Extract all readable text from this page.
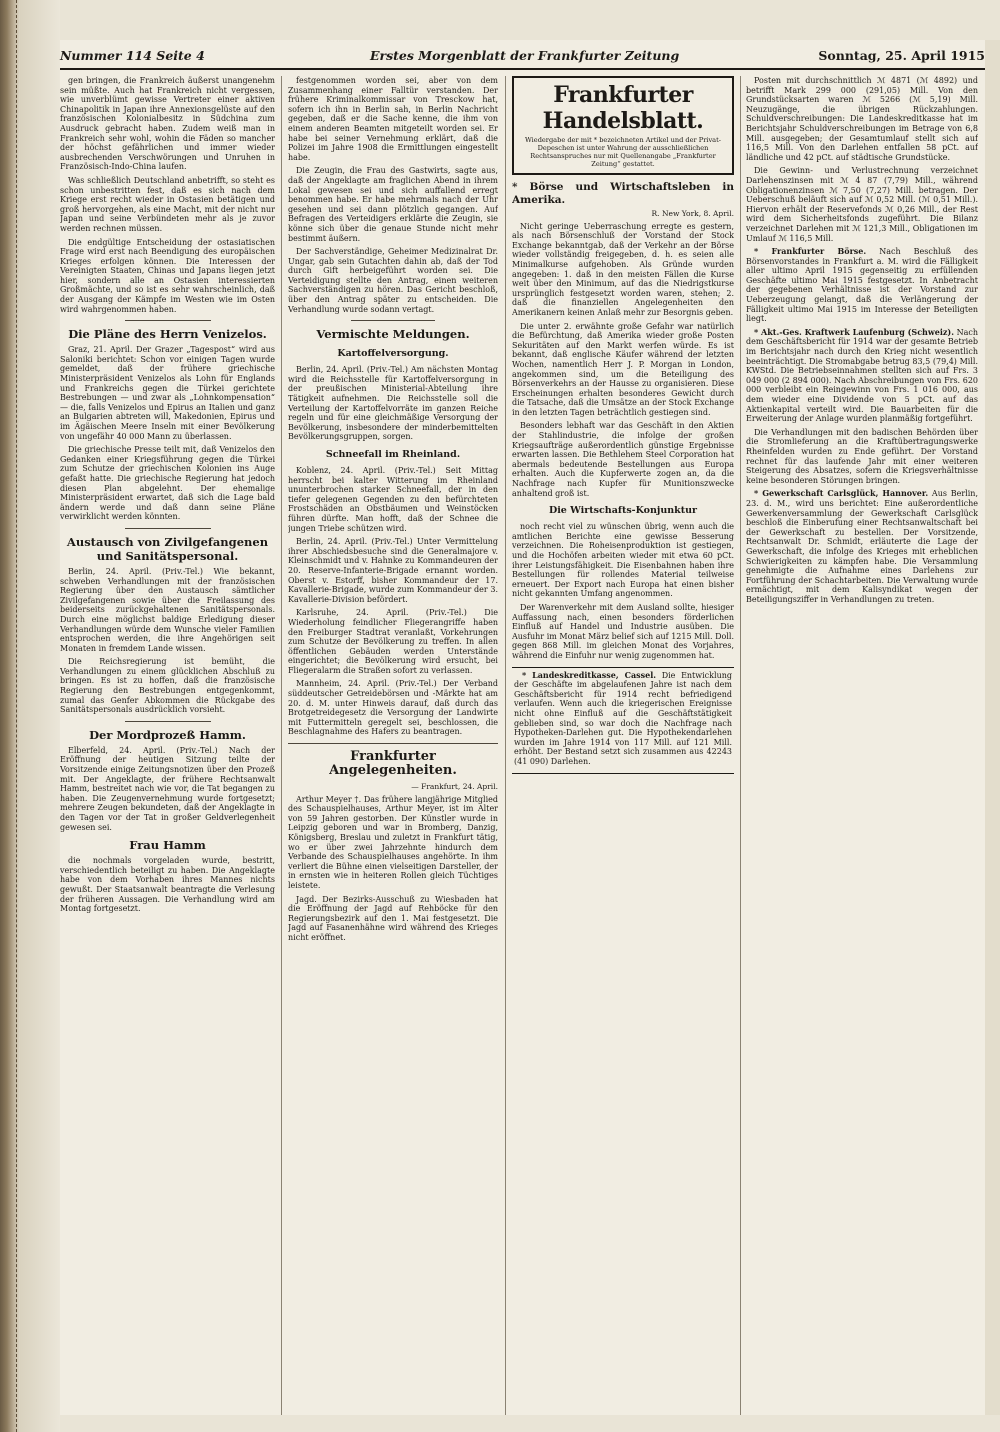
Nummer 114 Seite 4	Erstes Morgenblatt der Frankfurter Zeitung	Sonntag, 25. April 1915

gen bringen, die Frankreich äußerst unangenehm sein müßte. Auch hat Frankreich nicht vergessen, wie unverblümt gewisse Vertreter einer aktiven Chinapolitik in Japan ihre Annexionsgelüste auf den französischen Kolonialbesitz in Südchina zum Ausdruck gebracht haben. Zudem weiß man in Frankreich sehr wohl, wohin die Fäden so mancher der höchst gefährlichen und immer wieder ausbrechenden Verschwörungen und Unruhen in Französisch-Indo-China laufen.

Was schließlich Deutschland anbetrifft, so steht es schon unbestritten fest, daß es sich nach dem Kriege erst recht wieder in Ostasien betätigen und groß hervorgehen, als eine Macht, mit der nicht nur Japan und seine Verbündeten mehr als je zuvor werden rechnen müssen.

Die endgültige Entscheidung der ostasiatischen Frage wird erst nach Beendigung des europäischen Krieges erfolgen können. Die Interessen der Vereinigten Staaten, Chinas und Japans liegen jetzt hier, sondern alle an Ostasien interessierten Großmächte, und so ist es sehr wahrscheinlich, daß der Ausgang der Kämpfe im Westen wie im Osten wird wahrgenommen haben.

Die Pläne des Herrn Venizelos.

Graz, 21. April. Der Grazer „Tagespost“ wird aus Saloniki berichtet: Schon vor einigen Tagen wurde gemeldet, daß der frühere griechische Ministerpräsident Venizelos als Lohn für Englands und Frankreichs gegen die Türkei gerichtete Bestrebungen — und zwar als „Lohnkompensation“ — die, falls Venizelos und Epirus an Italien und ganz an Bulgarien abtreten will, Makedonien, Epirus und im Ägäischen Meere Inseln mit einer Bevölkerung von ungefähr 40 000 Mann zu überlassen.

Die griechische Presse teilt mit, daß Venizelos den Gedanken einer Kriegsführung gegen die Türkei zum Schutze der griechischen Kolonien ins Auge gefaßt hatte. Die griechische Regierung hat jedoch diesen Plan abgelehnt. Der ehemalige Ministerpräsident erwartet, daß sich die Lage bald ändern werde und daß dann seine Pläne verwirklicht werden könnten.

Austausch von Zivilgefangenen und Sanitätspersonal.

Berlin, 24. April. (Priv.-Tel.) Wie bekannt, schweben Verhandlungen mit der französischen Regierung über den Austausch sämtlicher Zivilgefangenen sowie über die Freilassung des beiderseits zurückgehaltenen Sanitätspersonals. Durch eine möglichst baldige Erledigung dieser Verhandlungen würde dem Wunsche vieler Familien entsprochen werden, die ihre Angehörigen seit Monaten in fremdem Lande wissen.

Die Reichsregierung ist bemüht, die Verhandlungen zu einem glücklichen Abschluß zu bringen. Es ist zu hoffen, daß die französische Regierung den Bestrebungen entgegenkommt, zumal das Genfer Abkommen die Rückgabe des Sanitätspersonals ausdrücklich vorsieht.

Der Mordprozeß Hamm.

Elberfeld, 24. April. (Priv.-Tel.) Nach der Eröffnung der heutigen Sitzung teilte der Vorsitzende einige Zeitungsnotizen über den Prozeß mit. Der Angeklagte, der frühere Rechtsanwalt Hamm, bestreitet nach wie vor, die Tat begangen zu haben. Die Zeugenvernehmung wurde fortgesetzt; mehrere Zeugen bekundeten, daß der Angeklagte in den Tagen vor der Tat in großer Geldverlegenheit gewesen sei.

Frau Hamm

die nochmals vorgeladen wurde, bestritt, verschiedentlich beteiligt zu haben. Die Angeklagte habe von dem Vorhaben ihres Mannes nichts gewußt. Der Staatsanwalt beantragte die Verlesung der früheren Aussagen. Die Verhandlung wird am Montag fortgesetzt.

festgenommen worden sei, aber von dem Zusammenhang einer Falltür verstanden. Der frühere Kriminalkommissar von Tresckow hat, sofern ich ihn in Berlin sah, in Berlin Nachricht gegeben, daß er die Sache kenne, die ihm von einem anderen Beamten mitgeteilt worden sei. Er habe bei seiner Vernehmung erklärt, daß die Polizei im Jahre 1908 die Ermittlungen eingestellt habe.

Die Zeugin, die Frau des Gastwirts, sagte aus, daß der Angeklagte am fraglichen Abend in ihrem Lokal gewesen sei und sich auffallend erregt benommen habe. Er habe mehrmals nach der Uhr gesehen und sei dann plötzlich gegangen. Auf Befragen des Verteidigers erklärte die Zeugin, sie könne sich über die genaue Stunde nicht mehr bestimmt äußern.

Der Sachverständige, Geheimer Medizinalrat Dr. Ungar, gab sein Gutachten dahin ab, daß der Tod durch Gift herbeigeführt worden sei. Die Verteidigung stellte den Antrag, einen weiteren Sachverständigen zu hören. Das Gericht beschloß, über den Antrag später zu entscheiden. Die Verhandlung wurde sodann vertagt.

Vermischte Meldungen.
Kartoffelversorgung.

Berlin, 24. April. (Priv.-Tel.) Am nächsten Montag wird die Reichsstelle für Kartoffelversorgung in der preußischen Ministerial-Abteilung ihre Tätigkeit aufnehmen. Die Reichsstelle soll die Verteilung der Kartoffelvorräte im ganzen Reiche regeln und für eine gleichmäßige Versorgung der Bevölkerung, insbesondere der minderbemittelten Bevölkerungsgruppen, sorgen.

Schneefall im Rheinland.

Koblenz, 24. April. (Priv.-Tel.) Seit Mittag herrscht bei kalter Witterung im Rheinland ununterbrochen starker Schneefall, der in den tiefer gelegenen Gegenden zu den befürchteten Frostschäden an Obstbäumen und Weinstöcken führen dürfte. Man hofft, daß der Schnee die jungen Triebe schützen wird.

Berlin, 24. April. (Priv.-Tel.) Unter Vermittelung ihrer Abschiedsbesuche sind die Generalmajore v. Kleinschmidt und v. Hahnke zu Kommandeuren der 20. Reserve-Infanterie-Brigade ernannt worden. Oberst v. Estorff, bisher Kommandeur der 17. Kavallerie-Brigade, wurde zum Kommandeur der 3. Kavallerie-Division befördert.

Karlsruhe, 24. April. (Priv.-Tel.) Die Wiederholung feindlicher Fliegerangriffe haben den Freiburger Stadtrat veranlaßt, Vorkehrungen zum Schutze der Bevölkerung zu treffen. In allen öffentlichen Gebäuden werden Unterstände eingerichtet; die Bevölkerung wird ersucht, bei Fliegeralarm die Straßen sofort zu verlassen.

Mannheim, 24. April. (Priv.-Tel.) Der Verband süddeutscher Getreidebörsen und -Märkte hat am 20. d. M. unter Hinweis darauf, daß durch das Brotgetreidegesetz die Versorgung der Landwirte mit Futtermitteln geregelt sei, beschlossen, die Beschlagnahme des Hafers zu beantragen.

Frankfurter Angelegenheiten.
— Frankfurt, 24. April.

Arthur Meyer †. Das frühere langjährige Mitglied des Schauspielhauses, Arthur Meyer, ist im Alter von 59 Jahren gestorben. Der Künstler wurde in Leipzig geboren und war in Bromberg, Danzig, Königsberg, Breslau und zuletzt in Frankfurt tätig, wo er über zwei Jahrzehnte hindurch dem Verbande des Schauspielhauses angehörte. In ihm verliert die Bühne einen vielseitigen Darsteller, der in ernsten wie in heiteren Rollen gleich Tüchtiges leistete.

Jagd. Der Bezirks-Ausschuß zu Wiesbaden hat die Eröffnung der Jagd auf Rehböcke für den Regierungsbezirk auf den 1. Mai festgesetzt. Die Jagd auf Fasanenhähne wird während des Krieges nicht eröffnet.

Frankfurter Handelsblatt.
Wiedergabe der mit * bezeichneten Artikel und der Privat-Depeschen ist unter Wahrung der ausschließlichen Rechtsanspruches nur mit Quellenangabe „Frankfurter Zeitung“ gestattet.
* Börse und Wirtschaftsleben in Amerika.
R. New York, 8. April.

Nicht geringe Ueberraschung erregte es gestern, als nach Börsenschluß der Vorstand der Stock Exchange bekanntgab, daß der Verkehr an der Börse wieder vollständig freigegeben, d. h. es seien alle Minimalkurse aufgehoben. Als Gründe wurden angegeben: 1. daß in den meisten Fällen die Kurse weit über den Minimum, auf das die Niedrigstkurse ursprünglich festgesetzt worden waren, stehen; 2. daß die finanziellen Angelegenheiten den Amerikanern keinen Anlaß mehr zur Besorgnis geben.

Die unter 2. erwähnte große Gefahr war natürlich die Befürchtung, daß Amerika wieder große Posten Sekuritäten auf den Markt werfen würde. Es ist bekannt, daß englische Käufer während der letzten Wochen, namentlich Herr J. P. Morgan in London, angekommen sind, um die Beteiligung des Börsenverkehrs an der Hausse zu organisieren. Diese Erscheinungen erhalten besonderes Gewicht durch die Tatsache, daß die Umsätze an der Stock Exchange in den letzten Tagen beträchtlich gestiegen sind.

Besonders lebhaft war das Geschäft in den Aktien der Stahlindustrie, die infolge der großen Kriegsaufträge außerordentlich günstige Ergebnisse erwarten lassen. Die Bethlehem Steel Corporation hat abermals bedeutende Bestellungen aus Europa erhalten. Auch die Kupferwerte zogen an, da die Nachfrage nach Kupfer für Munitionszwecke anhaltend groß ist.

Die Wirtschafts-Konjunktur

noch recht viel zu wünschen übrig, wenn auch die amtlichen Berichte eine gewisse Besserung verzeichnen. Die Roheisenproduktion ist gestiegen, und die Hochöfen arbeiten wieder mit etwa 60 pCt. ihrer Leistungsfähigkeit. Die Eisenbahnen haben ihre Bestellungen für rollendes Material teilweise erneuert. Der Export nach Europa hat einen bisher nicht gekannten Umfang angenommen.

Der Warenverkehr mit dem Ausland sollte, hiesiger Auffassung nach, einen besonders förderlichen Einfluß auf Handel und Industrie ausüben. Die Ausfuhr im Monat März belief sich auf 1215 Mill. Doll. gegen 868 Mill. im gleichen Monat des Vorjahres, während die Einfuhr nur wenig zugenommen hat.

* Landeskreditkasse, Cassel. Die Entwicklung der Geschäfte im abgelaufenen Jahre ist nach dem Geschäftsbericht für 1914 recht befriedigend verlaufen. Wenn auch die kriegerischen Ereignisse nicht ohne Einfluß auf die Geschäftstätigkeit geblieben sind, so war doch die Nachfrage nach Hypotheken-Darlehen gut. Die Hypothekendarlehen wurden im Jahre 1914 von 117 Mill. auf 121 Mill. erhöht. Der Bestand setzt sich zusammen aus 42243 (41 090) Darlehen.

Posten mit durchschnittlich ℳ 4871 (ℳ 4892) und betrifft Mark 299 000 (291,05) Mill. Von den Grundstücksarten waren ℳ 5266 (ℳ 5,19) Mill. Neuzugänge, die übrigen Rückzahlungen. Schuldverschreibungen: Die Landeskreditkasse hat im Berichtsjahr Schuldverschreibungen im Betrage von 6,8 Mill. ausgegeben; der Gesamtumlauf stellt sich auf 116,5 Mill. Von den Darlehen entfallen 58 pCt. auf ländliche und 42 pCt. auf städtische Grundstücke.

Die Gewinn- und Verlustrechnung verzeichnet Darlehenszinsen mit ℳ 4 87 (7,79) Mill., während Obligationenzinsen ℳ 7,50 (7,27) Mill. betragen. Der Ueberschuß beläuft sich auf ℳ 0,52 Mill. (ℳ 0,51 Mill.). Hiervon erhält der Reservefonds ℳ 0,26 Mill., der Rest wird dem Sicherheitsfonds zugeführt. Die Bilanz verzeichnet Darlehen mit ℳ 121,3 Mill., Obligationen im Umlauf ℳ 116,5 Mill.

* Frankfurter Börse. Nach Beschluß des Börsenvorstandes in Frankfurt a. M. wird die Fälligkeit aller ultimo April 1915 gegenseitig zu erfüllenden Geschäfte ultimo Mai 1915 festgesetzt. In Anbetracht der gegebenen Verhältnisse ist der Vorstand zur Ueberzeugung gelangt, daß die Verlängerung der Fälligkeit ultimo Mai 1915 im Interesse der Beteiligten liegt.

* Akt.-Ges. Kraftwerk Laufenburg (Schweiz). Nach dem Geschäftsbericht für 1914 war der gesamte Betrieb im Berichtsjahr nach durch den Krieg nicht wesentlich beeinträchtigt. Die Stromabgabe betrug 83,5 (79,4) Mill. KWStd. Die Betriebseinnahmen stellten sich auf Frs. 3 049 000 (2 894 000). Nach Abschreibungen von Frs. 620 000 verbleibt ein Reingewinn von Frs. 1 016 000, aus dem wieder eine Dividende von 5 pCt. auf das Aktienkapital verteilt wird. Die Bauarbeiten für die Erweiterung der Anlage wurden planmäßig fortgeführt.

Die Verhandlungen mit den badischen Behörden über die Stromlieferung an die Kraftübertragungswerke Rheinfelden wurden zu Ende geführt. Der Vorstand rechnet für das laufende Jahr mit einer weiteren Steigerung des Absatzes, sofern die Kriegsverhältnisse keine besonderen Störungen bringen.

* Gewerkschaft Carlsglück, Hannover. Aus Berlin, 23. d. M., wird uns berichtet: Eine außerordentliche Gewerkenversammlung der Gewerkschaft Carlsglück beschloß die Einberufung einer Rechtsanwaltschaft bei der Gewerkschaft zu bestellen. Der Vorsitzende, Rechtsanwalt Dr. Schmidt, erläuterte die Lage der Gewerkschaft, die infolge des Krieges mit erheblichen Schwierigkeiten zu kämpfen habe. Die Versammlung genehmigte die Aufnahme eines Darlehens zur Fortführung der Schachtarbeiten. Die Verwaltung wurde ermächtigt, mit dem Kalisyndikat wegen der Beteiligungsziffer in Verhandlungen zu treten.
